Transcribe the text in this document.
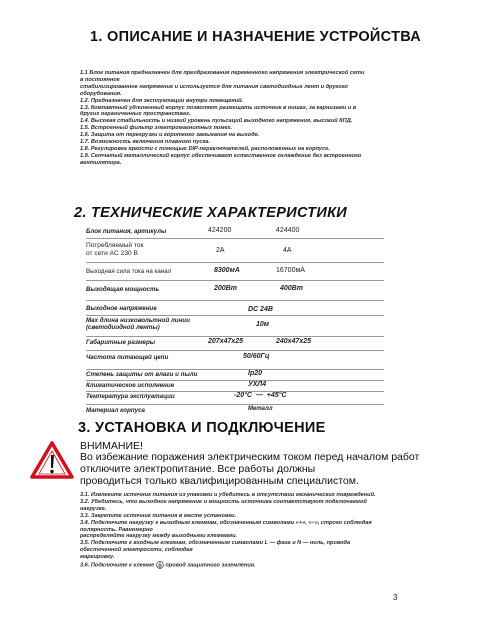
1. ОПИСАНИЕ И НАЗНАЧЕНИЕ УСТРОЙСТВА
1.1 Блок питания предназначен для преобразования переменного напряжения электрической сети
в постоянное
стабилизированное напряжение и используется для питания светодиодных лент и другого
оборудования.
1.2. Предназначен для эксплуатации внутри помещений.
1.3. Компактный удлиненный корпус позволяет размещать источник в нишах, за карнизами и в
других ограниченных пространствах.
1.4. Высокая стабильность и низкий уровень пульсаций выходного напряжения, высокий КПД.
1.5. Встроенный фильтр электромагнитных помех.
1.6. Защита от перегрузки и короткого замыкания на выходе.
1.7. Возможность включения плавного пуска.
1.8. Регулировка яркости с помощью DIP-переключателей, расположенных на корпусе.
1.9. Сетчатый металлический корпус обеспечивает естественное охлаждение без встроенного
вентилятора.
2. ТЕХНИЧЕСКИЕ ХАРАКТЕРИСТИКИ
Блок питания, артикулы	424200	424400
Потребляемый ток
от сети AC 230 В	2A	4A
Выходная сила тока на канал	8300мА	16700мА
Выходящая мощность	200Вт	400Вт
Выходное напряжение	DC 24В
Max длина низковольтной линии
(светодиодной ленты)	10м
Габаритные размеры	207x47x25	240x47x25
Частота питающей цепи	50/60Гц
Степень защиты от влаги и пыли	Ip20
Климатическое исполнение	УХЛ4
Температура эксплуатации	-20°С  —  +45°С
Материал корпуса	Металл
3. УСТАНОВКА И ПОДКЛЮЧЕНИЕ
ВНИМАНИЕ!
Во избежание поражения электрическим током перед началом работ
отключите электропитание. Все работы должны
проводиться только квалифицированным специалистом.
3.1. Извлеките источник питания из упаковки и убедитесь в отсутствии механических повреждений.
3.2. Убедитесь, что выходное напряжение и мощность источника соответствуют подключаемой
нагрузке.
3.3. Закрепите источник питания в месте установки.
3.4. Подключите нагрузку к выходным клеммам, обозначенным символами «+», «−», строго соблюдая
полярность. Равномерно
распределяйте нагрузку между выходными клеммами.
3.5. Подключите к входным клеммам, обозначенным символами L — фаза и N — ноль, провода
обесточенной электросети, соблюдая
маркировку.
3.6. Подключите к клемме провод защитного заземления.
3
